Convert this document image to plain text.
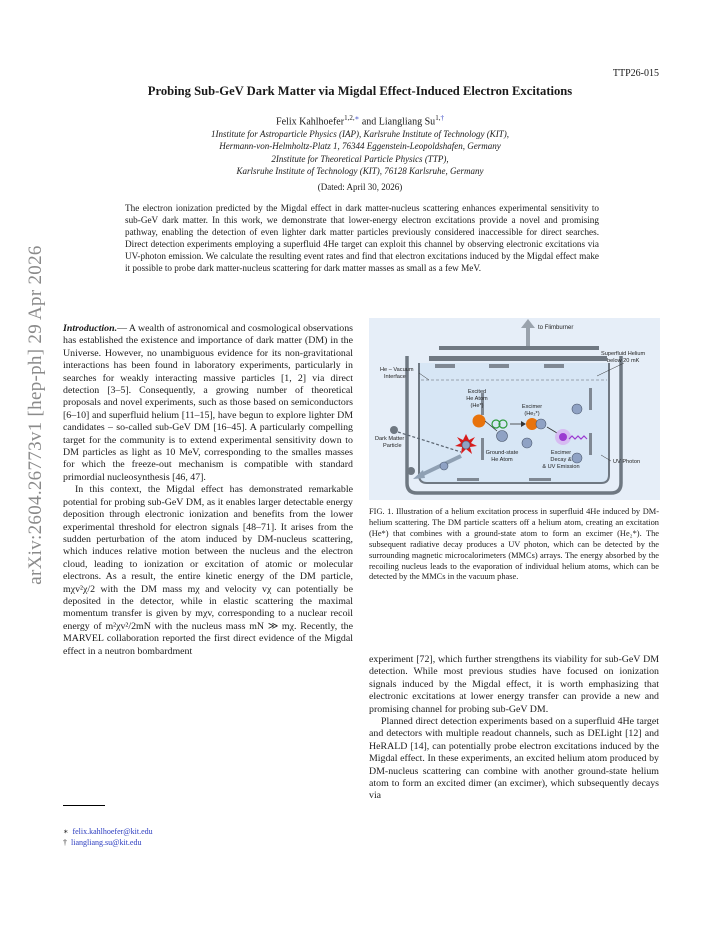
arXiv:2604.26773v1 [hep-ph] 29 Apr 2026
TTP26-015
Probing Sub-GeV Dark Matter via Migdal Effect-Induced Electron Excitations
Felix Kahlhoefer$^{1,2,∗}$ and Liangliang $Su^{1,\dagger}$
1Institute for Astroparticle Physics (IAP), Karlsruhe Institute of Technology (KIT),
Hermann-von-Helmholtz-Platz 1, 76344 Eggenstein-Leopoldshafen, Germany
2Institute for Theoretical Particle Physics (TTP),
Karlsruhe Institute of Technology (KIT), 76128 Karlsruhe, Germany
(Dated: April 30, 2026)
The electron ionization predicted by the Migdal effect in dark matter-nucleus scattering enhances experimental sensitivity to sub-GeV dark matter. In this work, we demonstrate that lower-energy electron excitations provide a novel and promising pathway, enabling the detection of even lighter dark matter particles previously considered inaccessible for direct searches. Direct detection experiments employing a superfluid 4He target can exploit this channel by observing electronic excitations via UV-photon emission. We calculate the resulting event rates and find that electron excitations induced by the Migdal effect make it possible to probe dark matter-nucleus scattering for dark matter masses as small as a few MeV.

Introduction.— A wealth of astronomical and cosmological observations has established the existence and importance of dark matter (DM) in the Universe. However, no unambiguous evidence for its non-gravitational interactions has been found in laboratory experiments, particularly in searches for weakly interacting massive particles [1, 2] via direct detection [3–5]. Consequently, a growing number of theoretical proposals and novel experiments, such as those based on semiconductors [6–10] and superfluid helium [11–15], have begun to explore lighter DM candidates – so-called sub-GeV DM [16–45]. A particularly compelling target for the community is to extend experimental sensitivity down to DM particles as light as 10 MeV, corresponding to the smalles masses for which the freeze-out mechanism is compatible with standard primordial nucleosynthesis [46, 47].

In this context, the Migdal effect has demonstrated remarkable potential for probing sub-GeV DM, as it enables larger detectable energy deposition through electronic ionization and benefits from the lower experimental threshold for electron signals [48–71]. It arises from the sudden perturbation of the atom induced by DM-nucleus scattering, which induces relative motion between the nucleus and the electron cloud, leading to ionization or excitation of atomic or molecular electrons. As a result, the entire kinetic energy of the DM particle, mχv²χ/2 with the DM mass mχ and velocity vχ can potentially be deposited in the detector, while in elastic scattering the maximal momentum transfer is given by mχv, corresponding to a nuclear recoil energy of m²χv²/2mN with the nucleus mass mN ≫ mχ. Recently, the MARVEL collaboration reported the first direct evidence of the Migdal effect in a neutron bombardment

to Flimburner
Superfluid Helium below 20 mK
He – Vacuum Interface
Excited He Atom (He*)	Excimer (He₂*)
Dark Matter Particle
Ground-state He Atom
Excimer Decay & & UV Emission
UV Photon
FIG. 1. Illustration of a helium excitation process in superfluid 4He induced by DM-helium scattering. The DM particle scatters off a helium atom, creating an excitation (He*) that combines with a ground-state atom to form an excimer (He₂*). The subsequent radiative decay produces a UV photon, which can be detected by the surrounding magnetic microcalorimeters (MMCs) arrays. The energy absorbed by the recoiling nucleus leads to the evaporation of individual helium atoms, which can be detected by the MMCs in the vacuum phase.

experiment [72], which further strengthens its viability for sub-GeV DM detection. While most previous studies have focused on ionization signals induced by the Migdal effect, it is worth emphasizing that electronic excitations at lower energy transfer can provide a new and promising channel for probing sub-GeV DM.

Planned direct detection experiments based on a superfluid 4He target and detectors with multiple readout channels, such as DELight [12] and HeRALD [14], can potentially probe electron excitations induced by the Migdal effect. In these experiments, an excited helium atom produced by DM-nucleus scattering can combine with another ground-state helium atom to form an excited dimer (an excimer), which subsequently decays via

∗ felix.kahlhoefer@kit.edu
† liangliang.su@kit.edu
